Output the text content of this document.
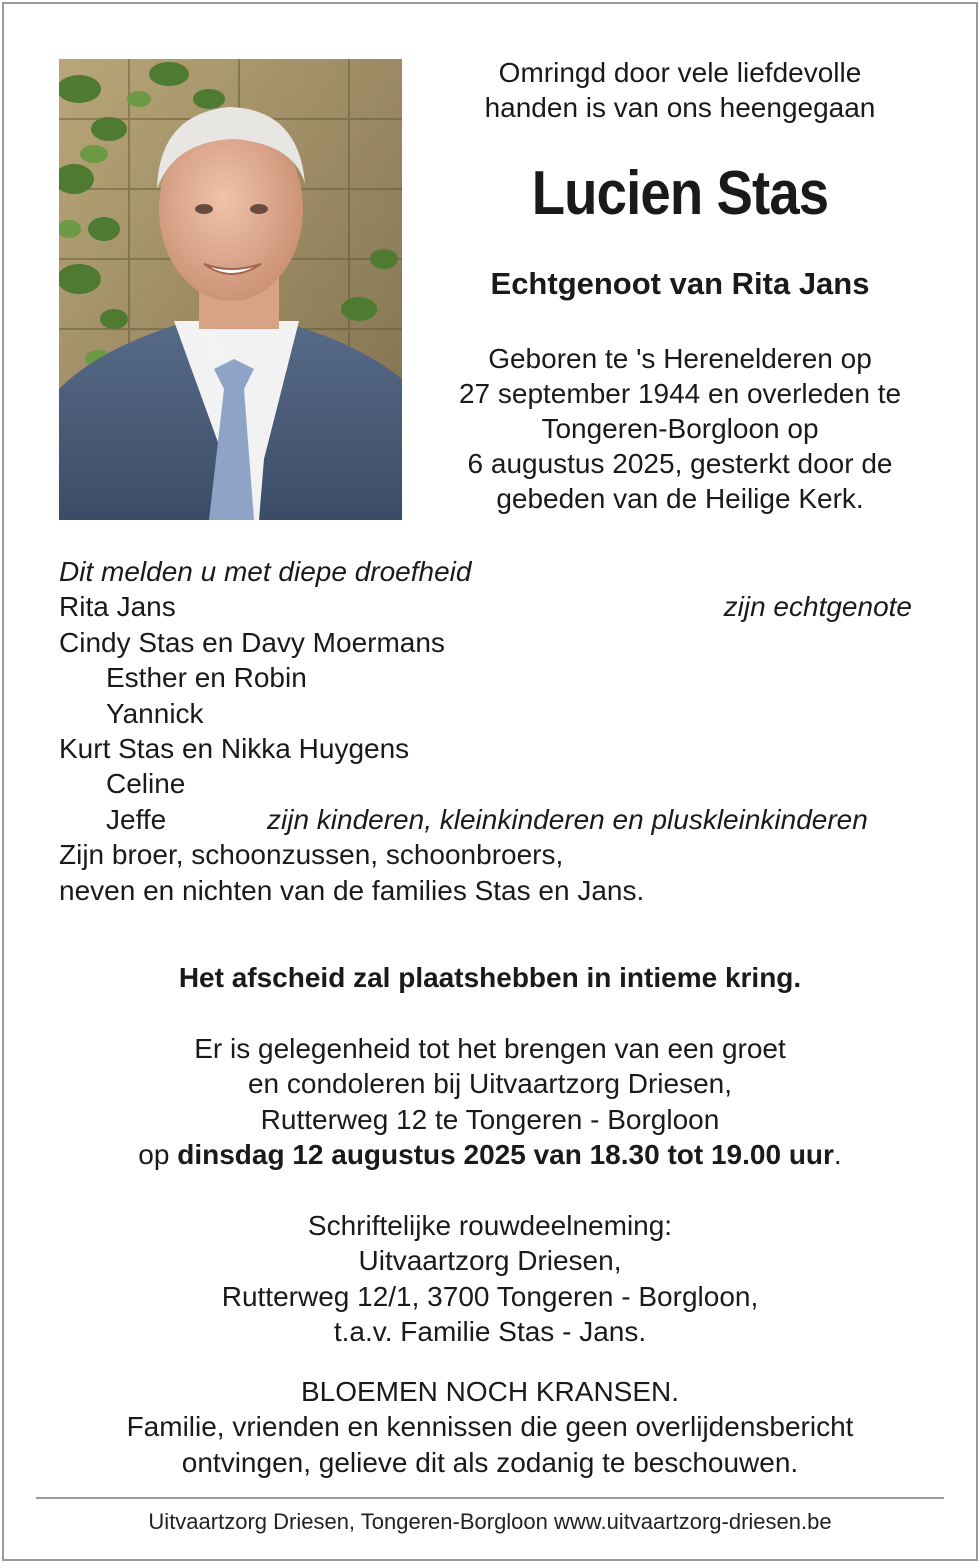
Omringd door vele liefdevolle
handen is van ons heengegaan
Lucien Stas
Echtgenoot van Rita Jans
Geboren te 's Herenelderen op
27 september 1944 en overleden te
Tongeren-Borgloon op
6 augustus 2025, gesterkt door de
gebeden van de Heilige Kerk.
Dit melden u met diepe droefheid
Rita Jans	zijn echtgenote
Cindy Stas en Davy Moermans
Esther en Robin
Yannick
Kurt Stas en Nikka Huygens
Celine
Jeffe	zijn kinderen, kleinkinderen en pluskleinkinderen
Zijn broer, schoonzussen, schoonbroers,
neven en nichten van de families Stas en Jans.
Het afscheid zal plaatshebben in intieme kring.
Er is gelegenheid tot het brengen van een groet
en condoleren bij Uitvaartzorg Driesen,
Rutterweg 12 te Tongeren - Borgloon
op dinsdag 12 augustus 2025 van 18.30 tot 19.00 uur.
Schriftelijke rouwdeelneming:
Uitvaartzorg Driesen,
Rutterweg 12/1, 3700 Tongeren - Borgloon,
t.a.v. Familie Stas - Jans.
BLOEMEN NOCH KRANSEN.
Familie, vrienden en kennissen die geen overlijdensbericht
ontvingen, gelieve dit als zodanig te beschouwen.
Uitvaartzorg Driesen, Tongeren-Borgloon www.uitvaartzorg-driesen.be
